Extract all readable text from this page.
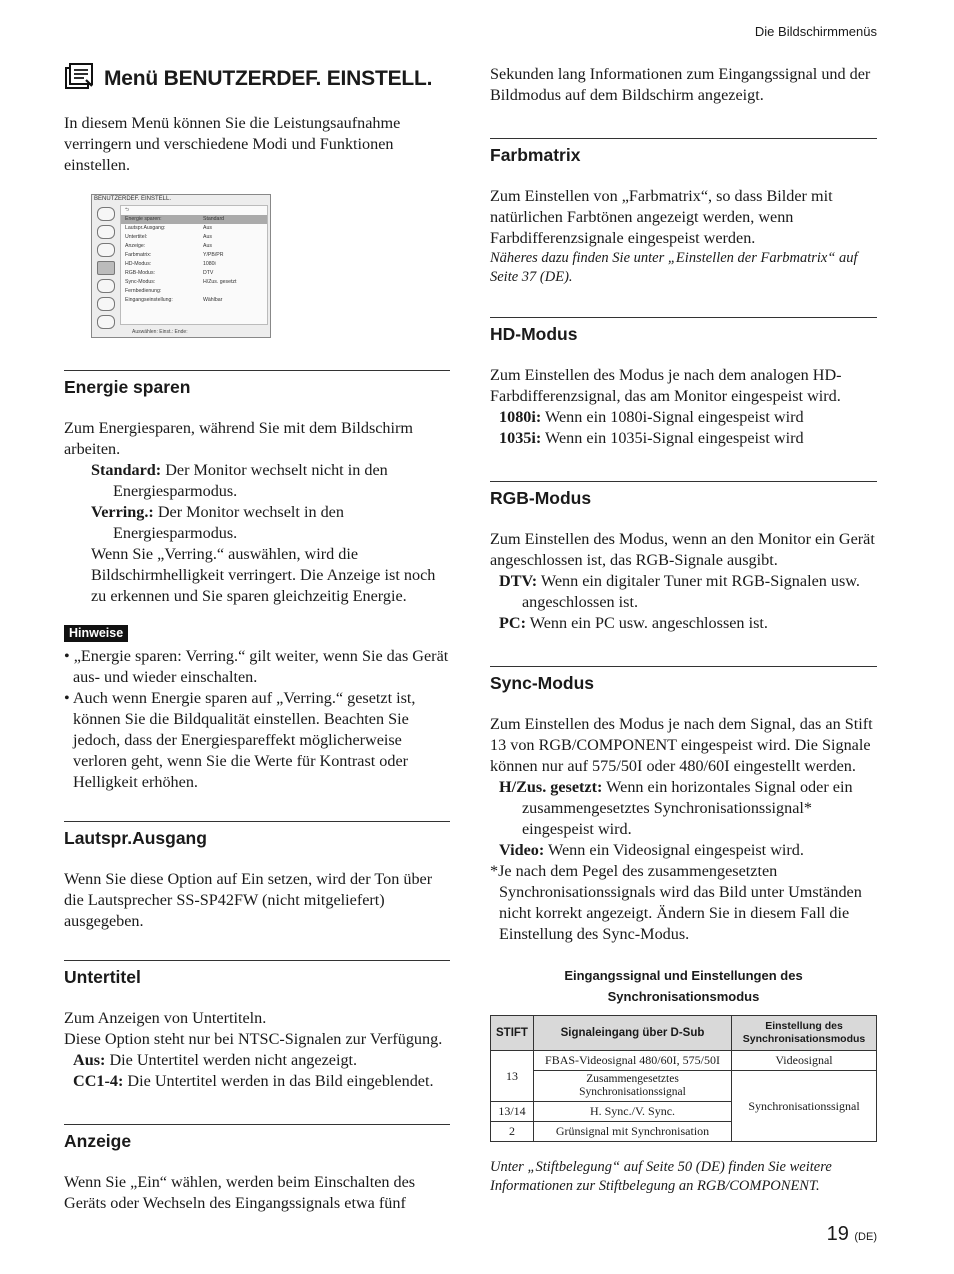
Die Bildschirmmenüs
Menü BENUTZERDEF. EINSTELL.

In diesem Menü können Sie die Leistungsaufnahme verringern und verschiedene Modi und Funktionen einstellen.

BENUTZERDEF. EINSTELL.
⮌
Energie sparen:	Standard
Lautspr.Ausgang:	Aus
Untertitel:	Aus
Anzeige:	Aus
Farbmatrix:	Y/PB/PR
HD-Modus:	1080i
RGB-Modus:	DTV
Sync-Modus:	H/Zus. gesetzt
Fernbedienung:
Eingangseinstellung:	Wählbar
Auswählen: Einst.: Ende:
Energie sparen

Zum Energiesparen, während Sie mit dem Bildschirm arbeiten.

Standard: Der Monitor wechselt nicht in den Energiesparmodus.

Verring.: Der Monitor wechselt in den Energiesparmodus.

Wenn Sie „Verring.“ auswählen, wird die Bildschirmhelligkeit verringert. Die Anzeige ist noch zu erkennen und Sie sparen gleichzeitig Energie.

Hinweise

• „Energie sparen: Verring.“ gilt weiter, wenn Sie das Gerät aus- und wieder einschalten.

• Auch wenn Energie sparen auf „Verring.“ gesetzt ist, können Sie die Bildqualität einstellen. Beachten Sie jedoch, dass der Energiespareffekt möglicherweise verloren geht, wenn Sie die Werte für Kontrast oder Helligkeit erhöhen.

Lautspr.Ausgang

Wenn Sie diese Option auf Ein setzen, wird der Ton über die Lautsprecher SS-SP42FW (nicht mitgeliefert) ausgegeben.

Untertitel

Zum Anzeigen von Untertiteln.

Diese Option steht nur bei NTSC-Signalen zur Verfügung.

Aus: Die Untertitel werden nicht angezeigt.

CC1-4: Die Untertitel werden in das Bild eingeblendet.

Anzeige

Wenn Sie „Ein“ wählen, werden beim Einschalten des Geräts oder Wechseln des Eingangssignals etwa fünf

Sekunden lang Informationen zum Eingangssignal und der Bildmodus auf dem Bildschirm angezeigt.

Farbmatrix

Zum Einstellen von „Farbmatrix“, so dass Bilder mit natürlichen Farbtönen angezeigt werden, wenn Farbdifferenzsignale eingespeist werden.

Näheres dazu finden Sie unter „Einstellen der Farbmatrix“ auf Seite 37 (DE).

HD-Modus

Zum Einstellen des Modus je nach dem analogen HD-Farbdifferenzsignal, das am Monitor eingespeist wird.

1080i: Wenn ein 1080i-Signal eingespeist wird

1035i: Wenn ein 1035i-Signal eingespeist wird

RGB-Modus

Zum Einstellen des Modus, wenn an den Monitor ein Gerät angeschlossen ist, das RGB-Signale ausgibt.

DTV: Wenn ein digitaler Tuner mit RGB-Signalen usw. angeschlossen ist.

PC: Wenn ein PC usw. angeschlossen ist.

Sync-Modus

Zum Einstellen des Modus je nach dem Signal, das an Stift 13 von RGB/COMPONENT eingespeist wird. Die Signale können nur auf 575/50I oder 480/60I eingestellt werden.

H/Zus. gesetzt: Wenn ein horizontales Signal oder ein zusammengesetztes Synchronisationssignal* eingespeist wird.

Video: Wenn ein Videosignal eingespeist wird.

*Je nach dem Pegel des zusammengesetzten Synchronisationssignals wird das Bild unter Umständen nicht korrekt angezeigt. Ändern Sie in diesem Fall die Einstellung des Sync-Modus.

Eingangssignal und Einstellungen des Synchronisationsmodus
STIFT	Signaleingang über D-Sub	Einstellung des Synchronisationsmodus
13	FBAS-Videosignal 480/60I, 575/50I	Videosignal
	Zusammengesetztes Synchronisationssignal	Synchronisationssignal
13/14	H. Sync./V. Sync.	
2	Grünsignal mit Synchronisation	

Unter „Stiftbelegung“ auf Seite 50 (DE) finden Sie weitere Informationen zur Stiftbelegung an RGB/COMPONENT.

19 (DE)
